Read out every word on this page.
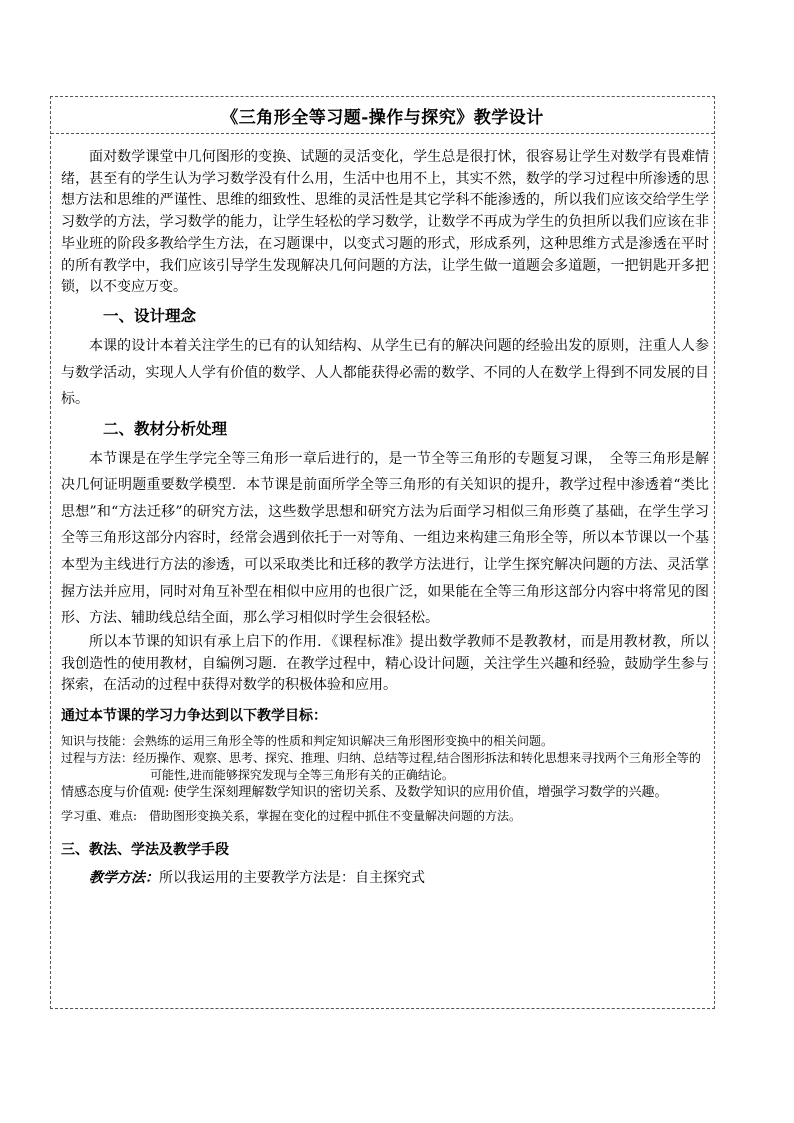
《三角形全等习题-操作与探究》教学设计

面对数学课堂中几何图形的变换、试题的灵活变化，学生总是很打怵，很容易让学生对数学有畏难情绪，甚至有的学生认为学习数学没有什么用，生活中也用不上，其实不然，数学的学习过程中所渗透的思想方法和思维的严谨性、思维的细致性、思维的灵活性是其它学科不能渗透的，所以我们应该交给学生学习数学的方法，学习数学的能力，让学生轻松的学习数学，让数学不再成为学生的负担所以我们应该在非毕业班的阶段多教给学生方法，在习题课中，以变式习题的形式，形成系列，这种思维方式是渗透在平时的所有教学中，我们应该引导学生发现解决几何问题的方法，让学生做一道题会多道题，一把钥匙开多把锁，以不变应万变。

一、设计理念

本课的设计本着关注学生的已有的认知结构、从学生已有的解决问题的经验出发的原则，注重人人参与数学活动，实现人人学有价值的数学、人人都能获得必需的数学、不同的人在数学上得到不同发展的目标。

二、教材分析处理

本节课是在学生学完全等三角形一章后进行的，是一节全等三角形的专题复习课，　全等三角形是解决几何证明题重要数学模型．本节课是前面所学全等三角形的有关知识的提升，教学过程中渗透着“类比思想”和“方法迁移”的研究方法，这些数学思想和研究方法为后面学习相似三角形奠了基础，在学生学习全等三角形这部分内容时，经常会遇到依托于一对等角、一组边来构建三角形全等，所以本节课以一个基本型为主线进行方法的渗透，可以采取类比和迁移的教学方法进行，让学生探究解决问题的方法、灵活掌握方法并应用，同时对角互补型在相似中应用的也很广泛，如果能在全等三角形这部分内容中将常见的图形、方法、辅助线总结全面，那么学习相似时学生会很轻松。

所以本节课的知识有承上启下的作用．《课程标准》提出数学教师不是教教材，而是用教材教，所以我创造性的使用教材，自编例习题．在教学过程中，精心设计问题，关注学生兴趣和经验，鼓励学生参与探索，在活动的过程中获得对数学的积极体验和应用。

通过本节课的学习力争达到以下教学目标：

知识与技能：会熟练的运用三角形全等的性质和判定知识解决三角形图形变换中的相关问题。

过程与方法：经历操作、观察、思考、探究、推理、归纳、总结等过程,结合图形拆法和转化思想来寻找两个三角形全等的可能性,进而能够探究发现与全等三角形有关的正确结论。

情感态度与价值观: 使学生深刻理解数学知识的密切关系、及数学知识的应用价值，增强学习数学的兴趣。

学习重、难点:　借助图形变换关系，掌握在变化的过程中抓住不变量解决问题的方法。

三、教法、学法及教学手段

教学方法：所以我运用的主要教学方法是：自主探究式
